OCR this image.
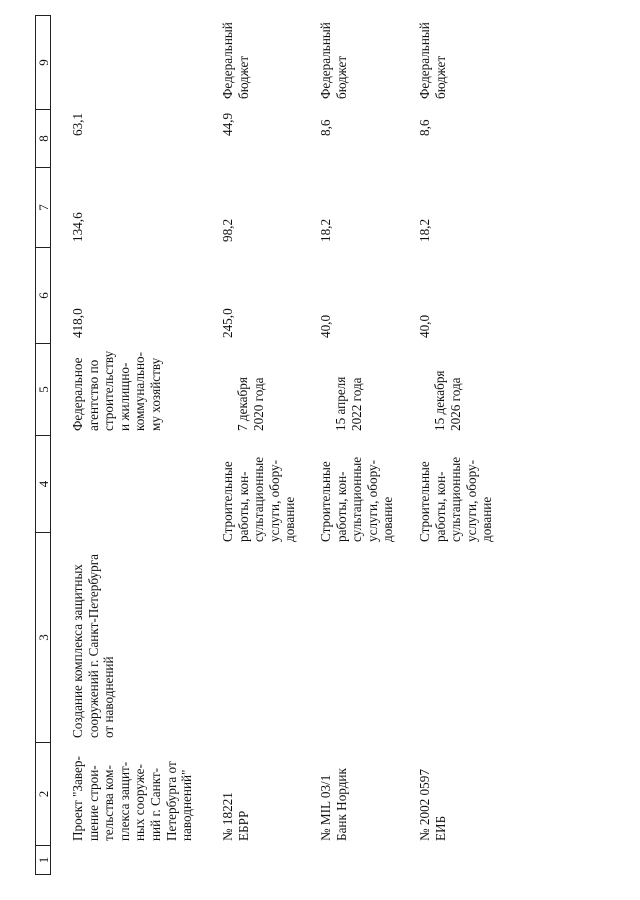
1
2
3
4
5
6
7
8
9
Проект "Завер-
шение строи-
тельства ком-
плекса защит-
ных сооруже-
ний г. Санкт-
Петербурга от
наводнений"
Создание комплекса защитных
сооружений г. Санкт-Петербурга
от наводнений
Федеральное
агентство по
строительству
и жилищно-
коммунально-
му хозяйству
418,0
134,6
63,1
№ 18221
ЕБРР
Строительные
работы, кон-
сультационные
услуги, обору-
дование
7 декабря
2020 года
245,0
98,2
44,9
Федеральный
бюджет
№ МIL 03/1
Банк Нордик
Строительные
работы, кон-
сультационные
услуги, обору-
дование
15 апреля
2022 года
40,0
18,2
8,6
Федеральный
бюджет
№ 2002 0597
ЕИБ
Строительные
работы, кон-
сультационные
услуги, обору-
дование
15 декабря
2026 года
40,0
18,2
8,6
Федеральный
бюджет
